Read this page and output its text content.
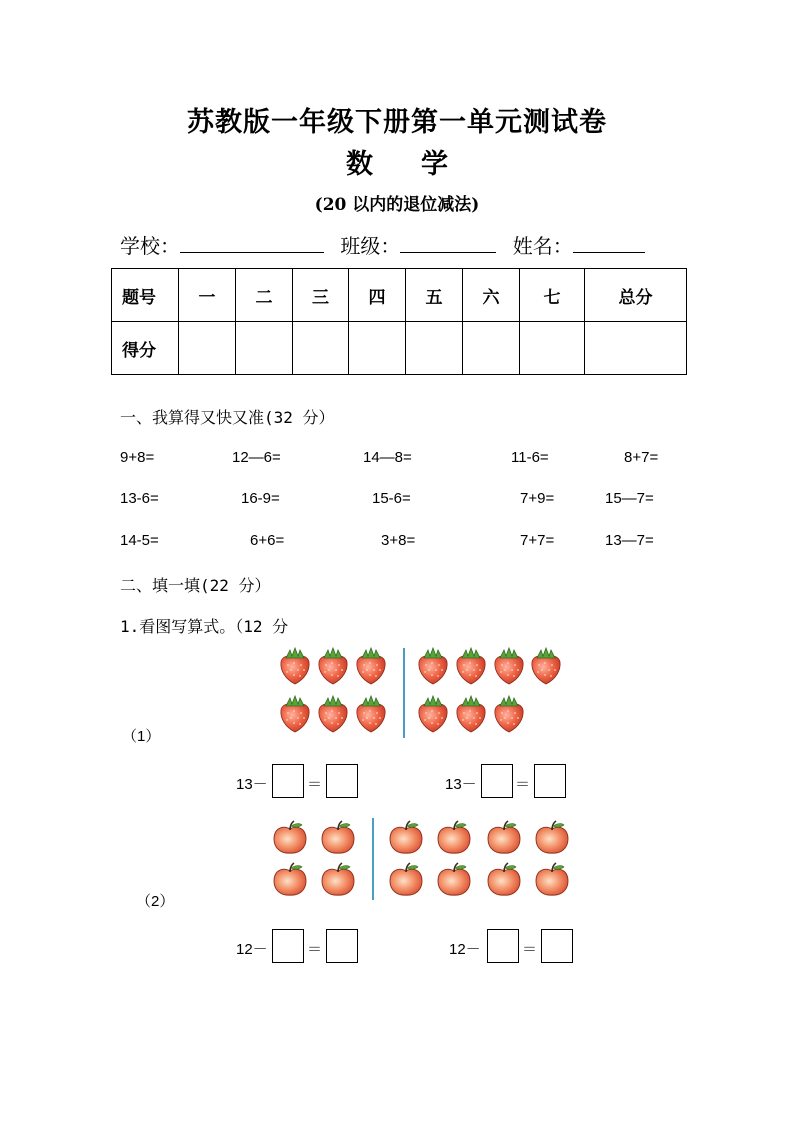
苏教版一年级下册第一单元测试卷
数 学
(20 以内的退位减法)
学校：	班级：	姓名：
题号	一	二	三	四	五	六	七	总分
得分								
一、我算得又快又准(32 分）
9+8=	12—6=	14—8=	11-6=	8+7=
13-6=	16-9=	15-6=	7+9=	15—7=
14-5=	6+6=	3+8=	7+7=	13—7=
二、填一填(22 分）
1.看图写算式。（12 分
（1）
13－	＝	13－	＝
（2）
12－	＝	12－	＝
